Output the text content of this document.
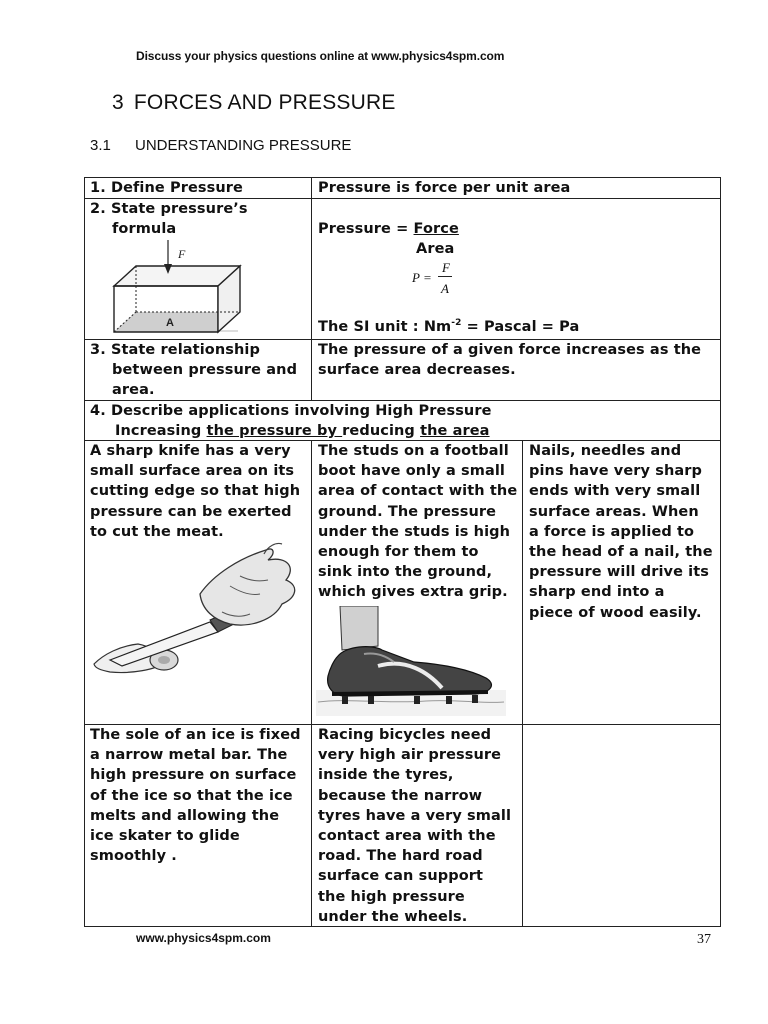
Discuss your physics questions online at www.physics4spm.com
3 FORCES AND PRESSURE
3.1 UNDERSTANDING PRESSURE
1. Define Pressure	Pressure is force per unit area
2. State pressure’s
formula
F
A
Pressure = Force
Area
P =
F
A
The SI unit : $Nm^{-2}$ = Pascal = Pa
3. State relationship
between pressure and
area.
The pressure of a given force increases as the
surface area decreases.
4. Describe applications involving High Pressure
Increasing the pressure by reducing the area
A sharp knife has a very
small surface area on its
cutting edge so that high
pressure can be exerted
to cut the meat.
The studs on a football
boot have only a small
area of contact with the
ground. The pressure
under the studs is high
enough for them to
sink into the ground,
which gives extra grip.
Nails, needles and
pins have very sharp
ends with very small
surface areas. When
a force is applied to
the head of a nail, the
pressure will drive its
sharp end into a
piece of wood easily.
The sole of an ice is fixed
a narrow metal bar. The
high pressure on surface
of the ice so that the ice
melts and allowing the
ice skater to glide
smoothly .
Racing bicycles need
very high air pressure
inside the tyres,
because the narrow
tyres have a very small
contact area with the
road. The hard road
surface can support
the high pressure
under the wheels.
www.physics4spm.com	37
